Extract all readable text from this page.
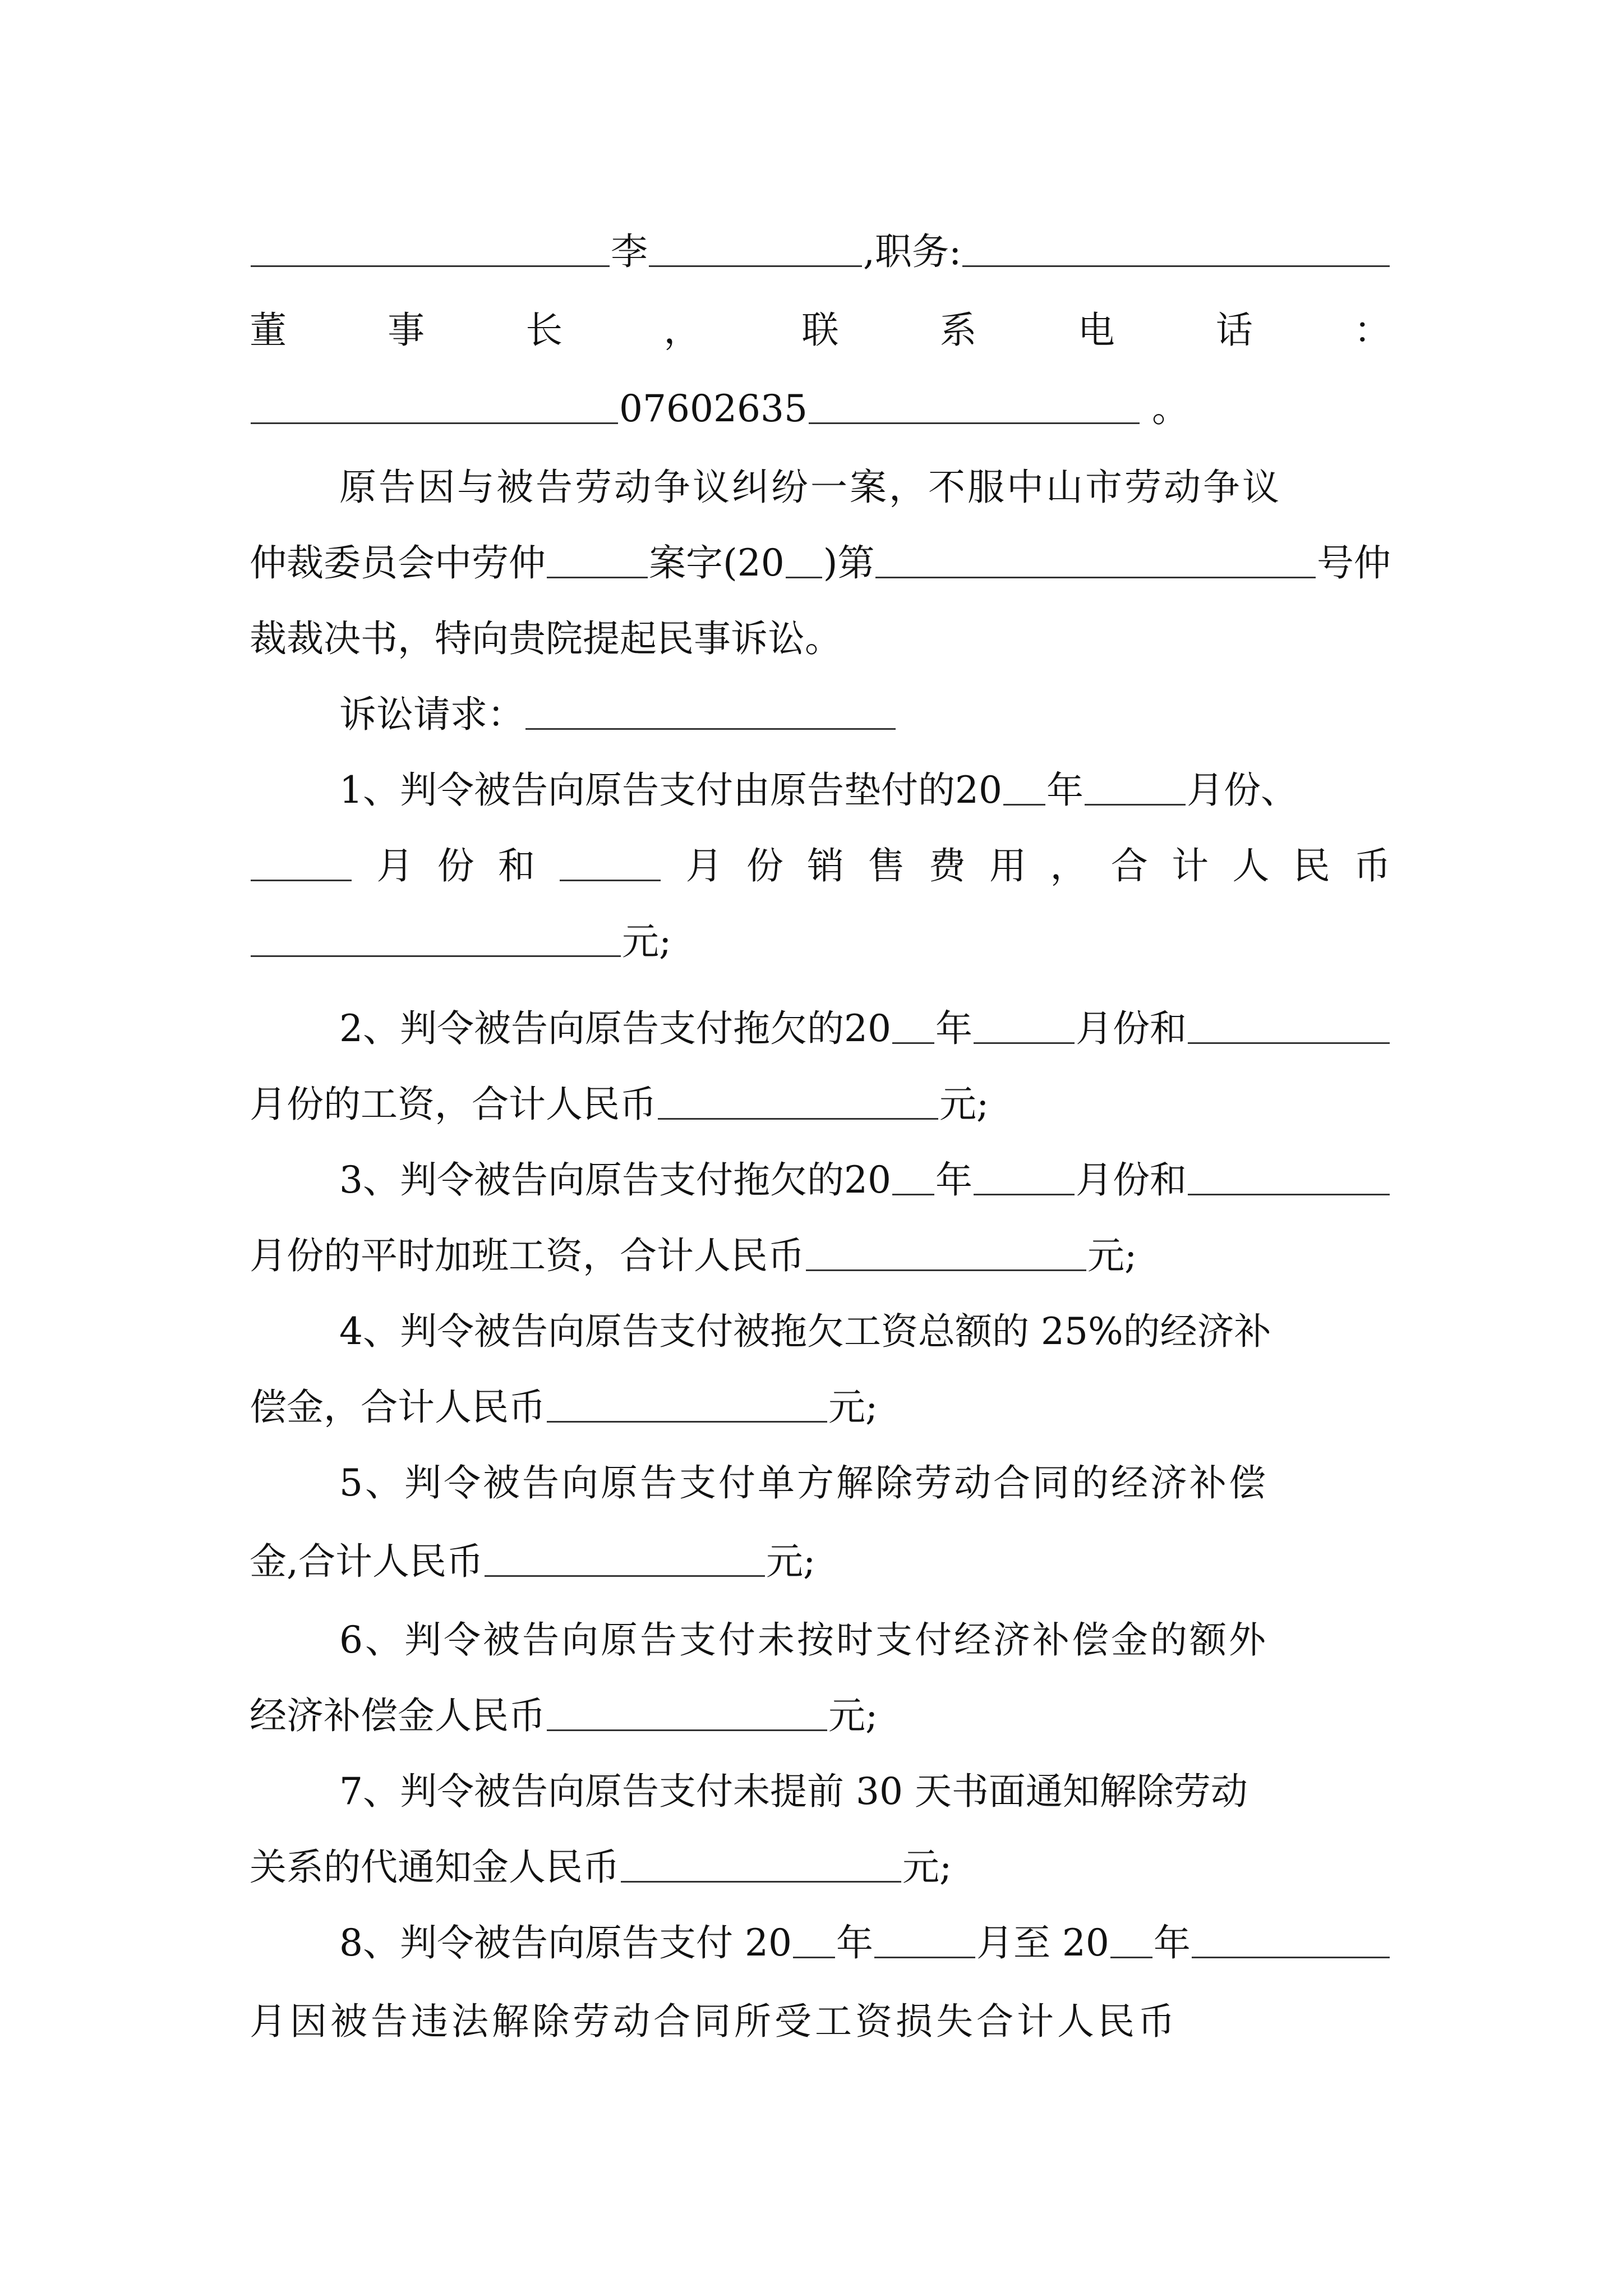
李	,职务:
董	事	长	，	联	系	电	话	：
07602635	。
原告因与被告劳动争议纠纷一案，不服中山市劳动争议
仲裁委员会中劳仲	案字(20 )第	号仲
裁裁决书，特向贵院提起民事诉讼。
诉讼请求：
1、判令被告向原告支付由原告垫付的20 年	月份、
月 份 和	月 份 销 售 费 用 ， 合 计 人 民 币
元;
2、判令被告向原告支付拖欠的20 年	月份和
月份的工资，合计人民币	元;
3、判令被告向原告支付拖欠的20 年	月份和
月份的平时加班工资，合计人民币	元;
4、判令被告向原告支付被拖欠工资总额的 25%的经济补
偿金，合计人民币	元;
5、判令被告向原告支付单方解除劳动合同的经济补偿
金,合计人民币	元;
6、判令被告向原告支付未按时支付经济补偿金的额外
经济补偿金人民币	元;
7、判令被告向原告支付未提前 30 天书面通知解除劳动
关系的代通知金人民币	元;
8、判令被告向原告支付 20 年	月至 20 年
月因被告违法解除劳动合同所受工资损失合计人民币
